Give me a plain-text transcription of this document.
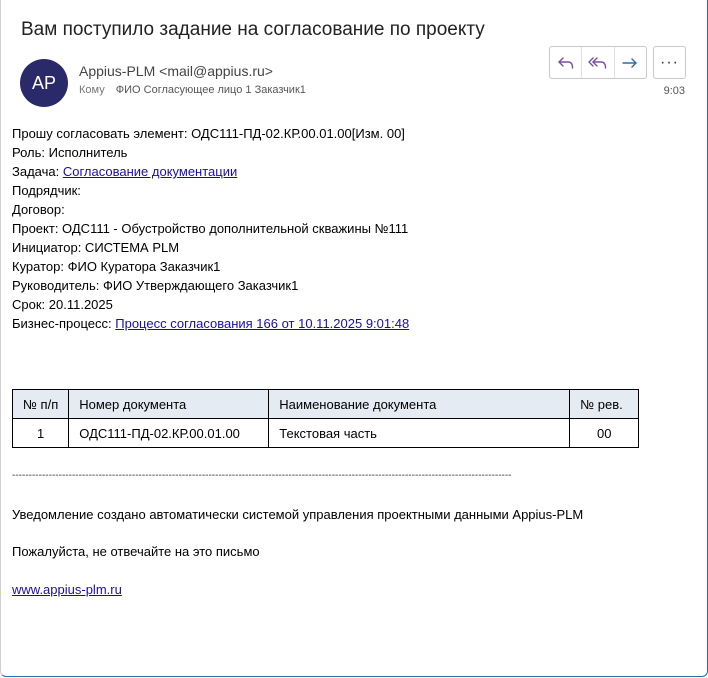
Вам поступило задание на согласование по проекту
AP
Appius-PLM <mail@appius.ru>
Кому ФИО Согласующее лицо 1 Заказчик1
···
9:03
Прошу согласовать элемент: ОДС111-ПД-02.КР.00.01.00[Изм. 00]
Роль: Исполнитель
Задача: Согласование документации
Подрядчик:
Договор:
Проект: ОДС111 - Обустройство дополнительной скважины №111
Инициатор: СИСТЕМА PLM
Куратор: ФИО Куратора Заказчик1
Руководитель: ФИО Утверждающего Заказчик1
Срок: 20.11.2025
Бизнес-процесс: Процесс согласования 166 от 10.11.2025 9:01:48
№ п/п	Номер документа	Наименование документа	№ рев.
1	ОДС111-ПД-02.КР.00.01.00	Текстовая часть	00
------------------------------------------------------------------------------------------------------------------------------------------------------
Уведомление создано автоматически системой управления проектными данными Appius-PLM
Пожалуйста, не отвечайте на это письмо
www.appius-plm.ru
